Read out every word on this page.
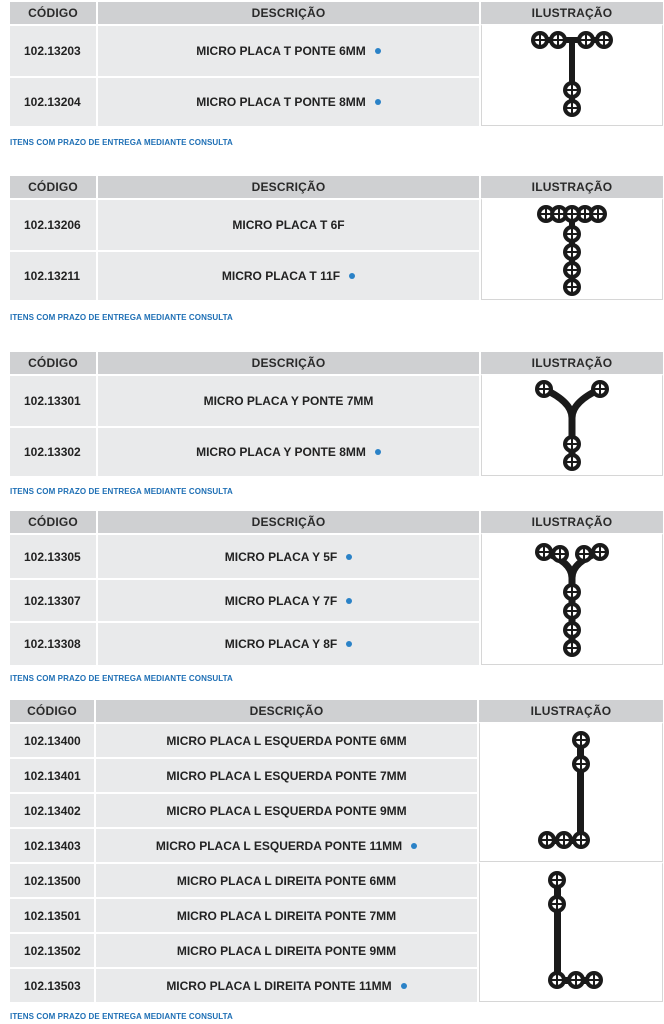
CÓDIGO	DESCRIÇÃO	ILUSTRAÇÃO
102.13203	MICRO PLACA T PONTE 6MM	

102.13204	MICRO PLACA T PONTE 8MM	
ITENS COM PRAZO DE ENTREGA MEDIANTE CONSULTA
CÓDIGO	DESCRIÇÃO	ILUSTRAÇÃO
102.13206	MICRO PLACA T 6F	

102.13211	MICRO PLACA T 11F	
ITENS COM PRAZO DE ENTREGA MEDIANTE CONSULTA
CÓDIGO	DESCRIÇÃO	ILUSTRAÇÃO
102.13301	MICRO PLACA Y PONTE 7MM	

102.13302	MICRO PLACA Y PONTE 8MM	
ITENS COM PRAZO DE ENTREGA MEDIANTE CONSULTA
CÓDIGO	DESCRIÇÃO	ILUSTRAÇÃO
102.13305	MICRO PLACA Y 5F	

102.13307	MICRO PLACA Y 7F	
102.13308	MICRO PLACA Y 8F	
ITENS COM PRAZO DE ENTREGA MEDIANTE CONSULTA
CÓDIGO	DESCRIÇÃO	ILUSTRAÇÃO
102.13400	MICRO PLACA L ESQUERDA PONTE 6MM	

102.13401	MICRO PLACA L ESQUERDA PONTE 7MM	
102.13402	MICRO PLACA L ESQUERDA PONTE 9MM	
102.13403	MICRO PLACA L ESQUERDA PONTE 11MM	
102.13500	MICRO PLACA L DIREITA PONTE 6MM	

102.13501	MICRO PLACA L DIREITA PONTE 7MM	
102.13502	MICRO PLACA L DIREITA PONTE 9MM	
102.13503	MICRO PLACA L DIREITA PONTE 11MM	
ITENS COM PRAZO DE ENTREGA MEDIANTE CONSULTA
